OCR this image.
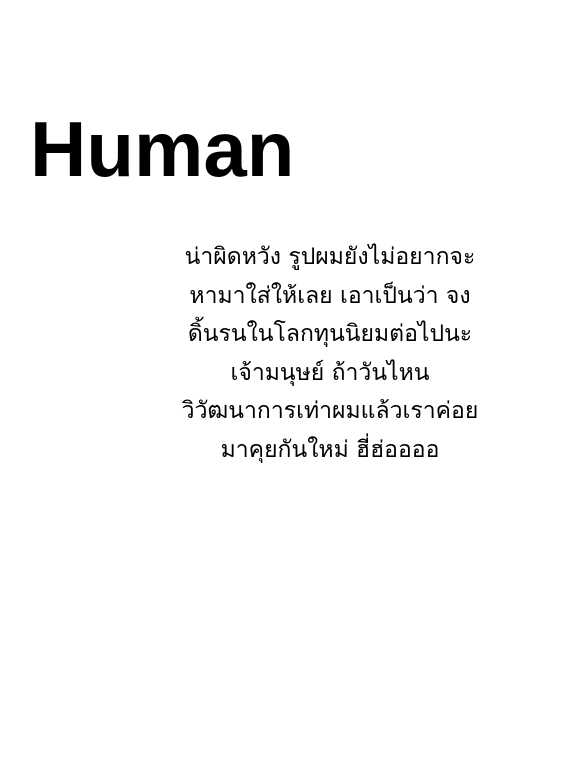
Human
น่าผิดหวัง รูปผมยังไม่อยากจะ
หามาใส่ให้เลย เอาเป็นว่า จง
ดิ้นรนในโลกทุนนิยมต่อไปนะ
เจ้ามนุษย์ ถ้าวันไหน
วิวัฒนาการเท่าผมแล้วเราค่อย
มาคุยกันใหม่ ฮี่ฮ่ออออ
